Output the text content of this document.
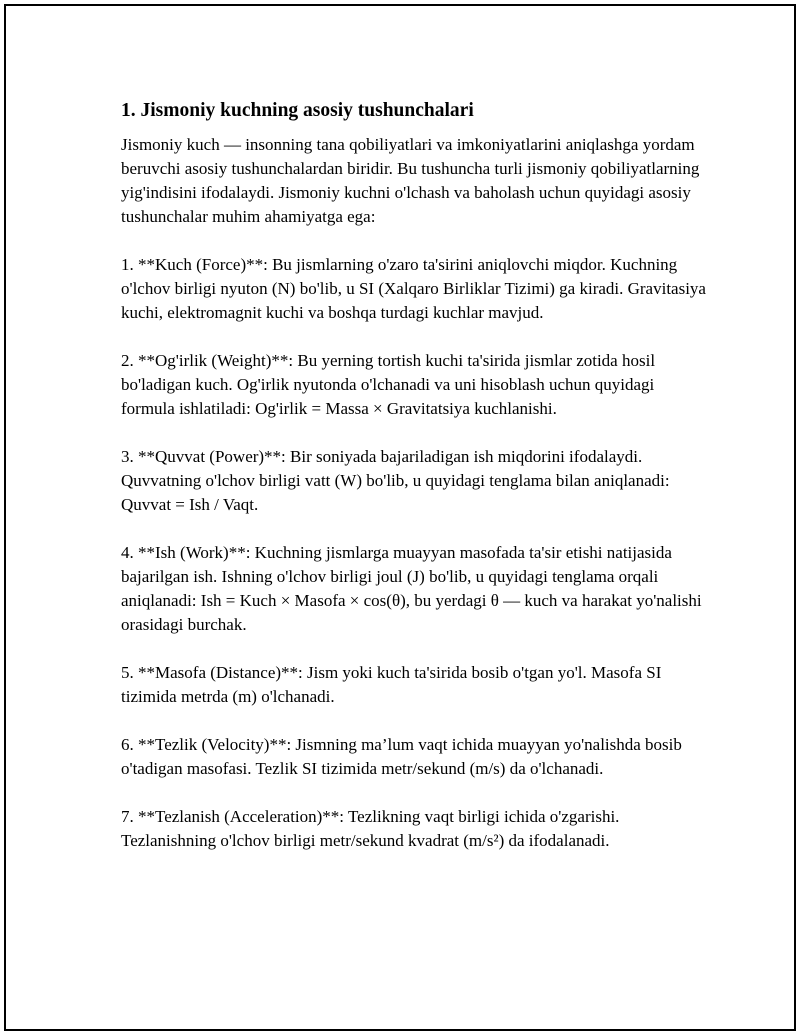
1. Jismoniy kuchning asosiy tushunchalari

Jismoniy kuch — insonning tana qobiliyatlari va imkoniyatlarini aniqlashga yordam beruvchi asosiy tushunchalardan biridir. Bu tushuncha turli jismoniy qobiliyatlarning yig'indisini ifodalaydi. Jismoniy kuchni o'lchash va baholash uchun quyidagi asosiy tushunchalar muhim ahamiyatga ega:

1. **Kuch (Force)**: Bu jismlarning o'zaro ta'sirini aniqlovchi miqdor. Kuchning o'lchov birligi nyuton (N) bo'lib, u SI (Xalqaro Birliklar Tizimi) ga kiradi. Gravitasiya kuchi, elektromagnit kuchi va boshqa turdagi kuchlar mavjud.

2. **Og'irlik (Weight)**: Bu yerning tortish kuchi ta'sirida jismlar zotida hosil bo'ladigan kuch. Og'irlik nyutonda o'lchanadi va uni hisoblash uchun quyidagi formula ishlatiladi: Og'irlik = Massa × Gravitatsiya kuchlanishi.

3. **Quvvat (Power)**: Bir soniyada bajariladigan ish miqdorini ifodalaydi. Quvvatning o'lchov birligi vatt (W) bo'lib, u quyidagi tenglama bilan aniqlanadi: Quvvat = Ish / Vaqt.

4. **Ish (Work)**: Kuchning jismlarga muayyan masofada ta'sir etishi natijasida bajarilgan ish. Ishning o'lchov birligi joul (J) bo'lib, u quyidagi tenglama orqali aniqlanadi: Ish = Kuch × Masofa × cos(θ), bu yerdagi θ — kuch va harakat yo'nalishi orasidagi burchak.

5. **Masofa (Distance)**: Jism yoki kuch ta'sirida bosib o'tgan yo'l. Masofa SI tizimida metrda (m) o'lchanadi.

6. **Tezlik (Velocity)**: Jismning ma’lum vaqt ichida muayyan yo'nalishda bosib o'tadigan masofasi. Tezlik SI tizimida metr/sekund (m/s) da o'lchanadi.

7. **Tezlanish (Acceleration)**: Tezlikning vaqt birligi ichida o'zgarishi. Tezlanishning o'lchov birligi metr/sekund kvadrat (m/s²) da ifodalanadi.
